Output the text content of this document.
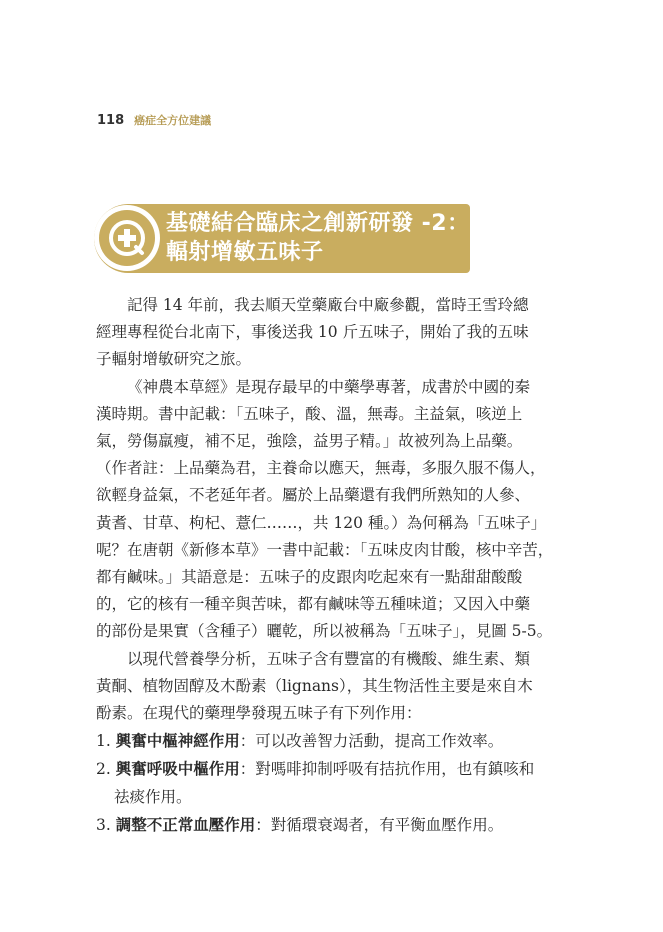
118 癌症全方位建議
基礎結合臨床之創新研發 -2：
輻射增敏五味子

記得 14 年前，我去順天堂藥廠台中廠參觀，當時王雪玲總
經理專程從台北南下，事後送我 10 斤五味子，開始了我的五味
子輻射增敏研究之旅。

《神農本草經》是現存最早的中藥學專著，成書於中國的秦
漢時期。書中記載：「五味子，酸、溫，無毒。主益氣，咳逆上
氣，勞傷羸瘦，補不足，強陰，益男子精。」故被列為上品藥。
（作者註：上品藥為君，主養命以應天，無毒，多服久服不傷人，
欲輕身益氣，不老延年者。屬於上品藥還有我們所熟知的人參、
黃耆、甘草、枸杞、薏仁……，共 120 種。）為何稱為「五味子」
呢？在唐朝《新修本草》一書中記載：「五味皮肉甘酸，核中辛苦，
都有鹹味。」其語意是：五味子的皮跟肉吃起來有一點甜甜酸酸
的，它的核有一種辛與苦味，都有鹹味等五種味道；又因入中藥
的部份是果實（含種子）曬乾，所以被稱為「五味子」，見圖 5-5。

以現代營養學分析，五味子含有豐富的有機酸、維生素、類
黃酮、植物固醇及木酚素（lignans），其生物活性主要是來自木
酚素。在現代的藥理學發現五味子有下列作用：

1. 興奮中樞神經作用：可以改善智力活動，提高工作效率。
2. 興奮呼吸中樞作用：對嗎啡抑制呼吸有拮抗作用，也有鎮咳和
祛痰作用。
3. 調整不正常血壓作用：對循環衰竭者，有平衡血壓作用。
